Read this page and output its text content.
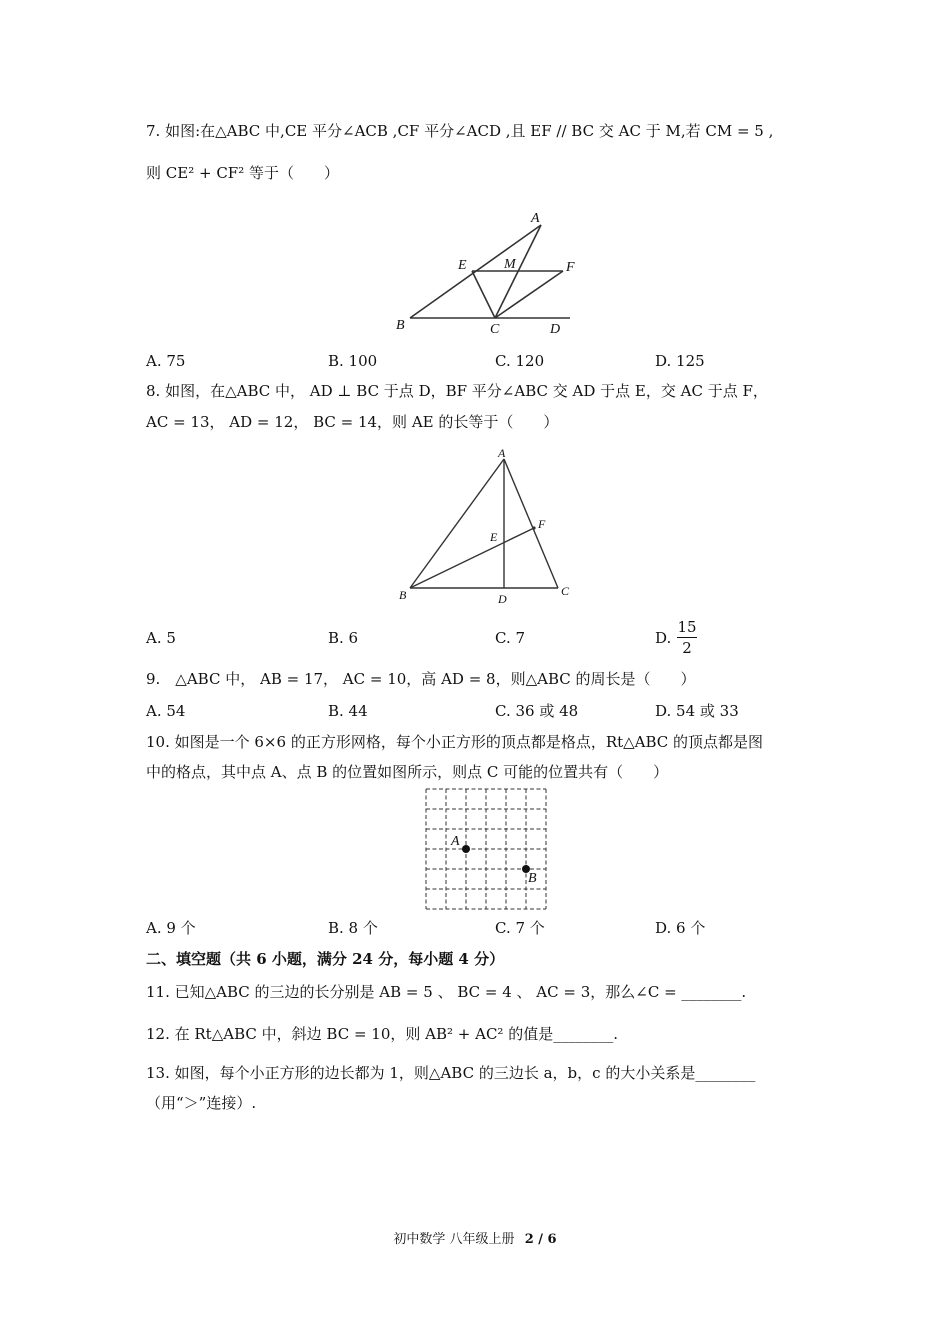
7. 如图:在△ABC 中,CE 平分∠ACB ,CF 平分∠ACD ,且 EF // BC 交 AC 于 M,若 CM = 5 ,
则 CE² + CF² 等于（　　）
A
E	M	F
B	C	D
A. 75	B. 100	C. 120	D. 125
8. 如图，在△ABC 中， AD ⊥ BC 于点 D，BF 平分∠ABC 交 AD 于点 E，交 AC 于点 F，
AC = 13， AD = 12， BC = 14，则 AE 的长等于（　　）
A
F
E
B	D
C
A. 5	B. 6	C. 7	D.
15
2
9.　△ABC 中， AB = 17， AC = 10，高 AD = 8，则△ABC 的周长是（　　）
A. 54	B. 44	C. 36 或 48	D. 54 或 33
10. 如图是一个 6×6 的正方形网格，每个小正方形的顶点都是格点，Rt△ABC 的顶点都是图
中的格点，其中点 A、点 B 的位置如图所示，则点 C 可能的位置共有（　　）
A
B
A. 9 个	B. 8 个	C. 7 个	D. 6 个
二、填空题（共 6 小题，满分 24 分，每小题 4 分）
11. 已知△ABC 的三边的长分别是 AB = 5 、 BC = 4 、 AC = 3，那么∠C = ________.
12. 在 Rt△ABC 中，斜边 BC = 10，则 AB² + AC² 的值是________.
13. 如图，每个小正方形的边长都为 1，则△ABC 的三边长 a，b，c 的大小关系是________
（用“＞”连接）.
初中数学 八年级上册 2 / 6
